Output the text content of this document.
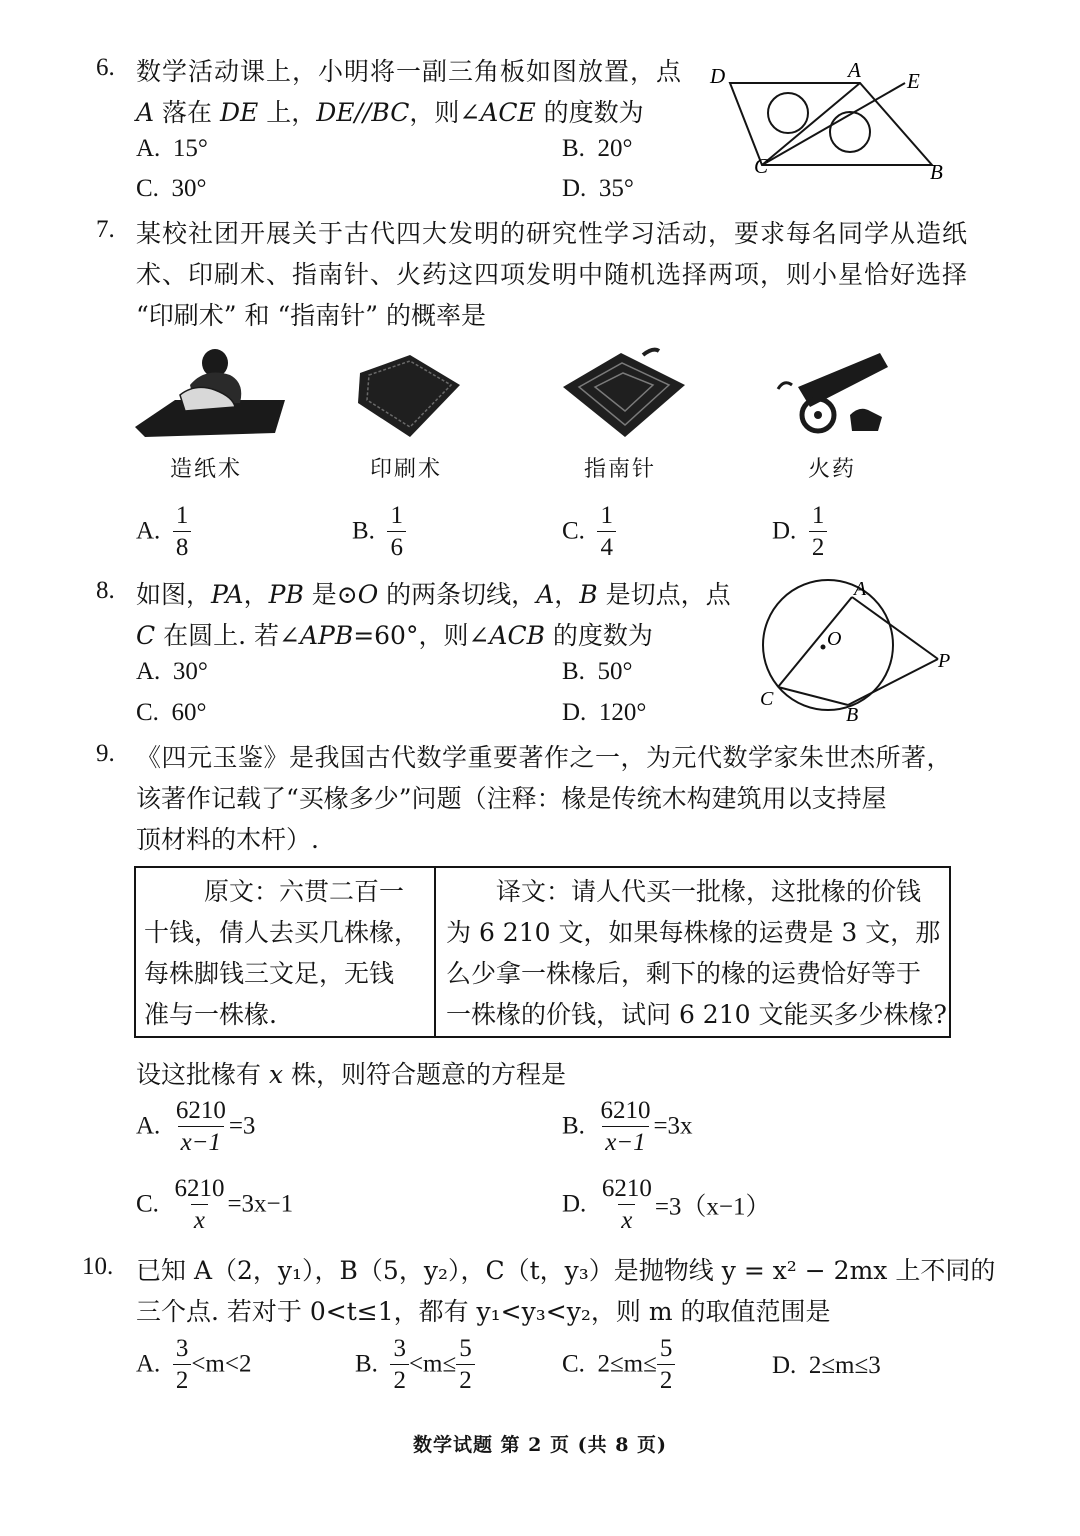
6. 数学活动课上，小明将一副三角板如图放置，点
A 落在 DE 上，DE//BC，则∠ACE 的度数为
A. 15°	B. 20°
C. 30°	D. 35°
D	A E
C	B
7. 某校社团开展关于古代四大发明的研究性学习活动，要求每名同学从造纸
术、印刷术、指南针、火药这四项发明中随机选择两项，则小星恰好选择
“印刷术” 和 “指南针” 的概率是
造纸术	印刷术	指南针	火药
A. $\frac{1}{8}$	B. $\frac{1}{6}$	C. $\frac{1}{4}$	D. $\frac{1}{2}$
8. 如图，PA，PB 是⊙O 的两条切线，A，B 是切点，点
C 在圆上. 若∠APB=60°，则∠ACB 的度数为
A. 30°	B. 50°
C. 60°	D. 120°
A
O
P
C
B
9. 《四元玉鉴》是我国古代数学重要著作之一，为元代数学家朱世杰所著，
该著作记载了“买椽多少”问题（注释：椽是传统木构建筑用以支持屋
顶材料的木杆）.
原文：六贯二百一
十钱，倩人去买几株椽，
每株脚钱三文足，无钱
准与一株椽.
译文：请人代买一批椽，这批椽的价钱
为 6 210 文，如果每株椽的运费是 3 文，那
么少拿一株椽后，剩下的椽的运费恰好等于
一株椽的价钱，试问 6 210 文能买多少株椽?
设这批椽有 x 株，则符合题意的方程是
A. $\frac{6210}{x-1} =3$	B. $\frac{6210}{x-1} =3x$
C. $\frac{6210}{x} =3x-1$	D. $\frac{6210}{x} =3(x-1)$
10. 已知 A（2，y₁），B（5，y₂），C（t，y₃）是抛物线 y = x² − 2mx 上不同的
三个点. 若对于 0<t≤1，都有 y₁<y₃<y₂，则 m 的取值范围是
A. $\frac{3}{2} <m<2$	B. $\frac{3}{2} <m\le \frac{5}{2}$	C. $2\le m\le \frac{5}{2}$	D. 2≤m≤3
数学试题 第 2 页 (共 8 页)
